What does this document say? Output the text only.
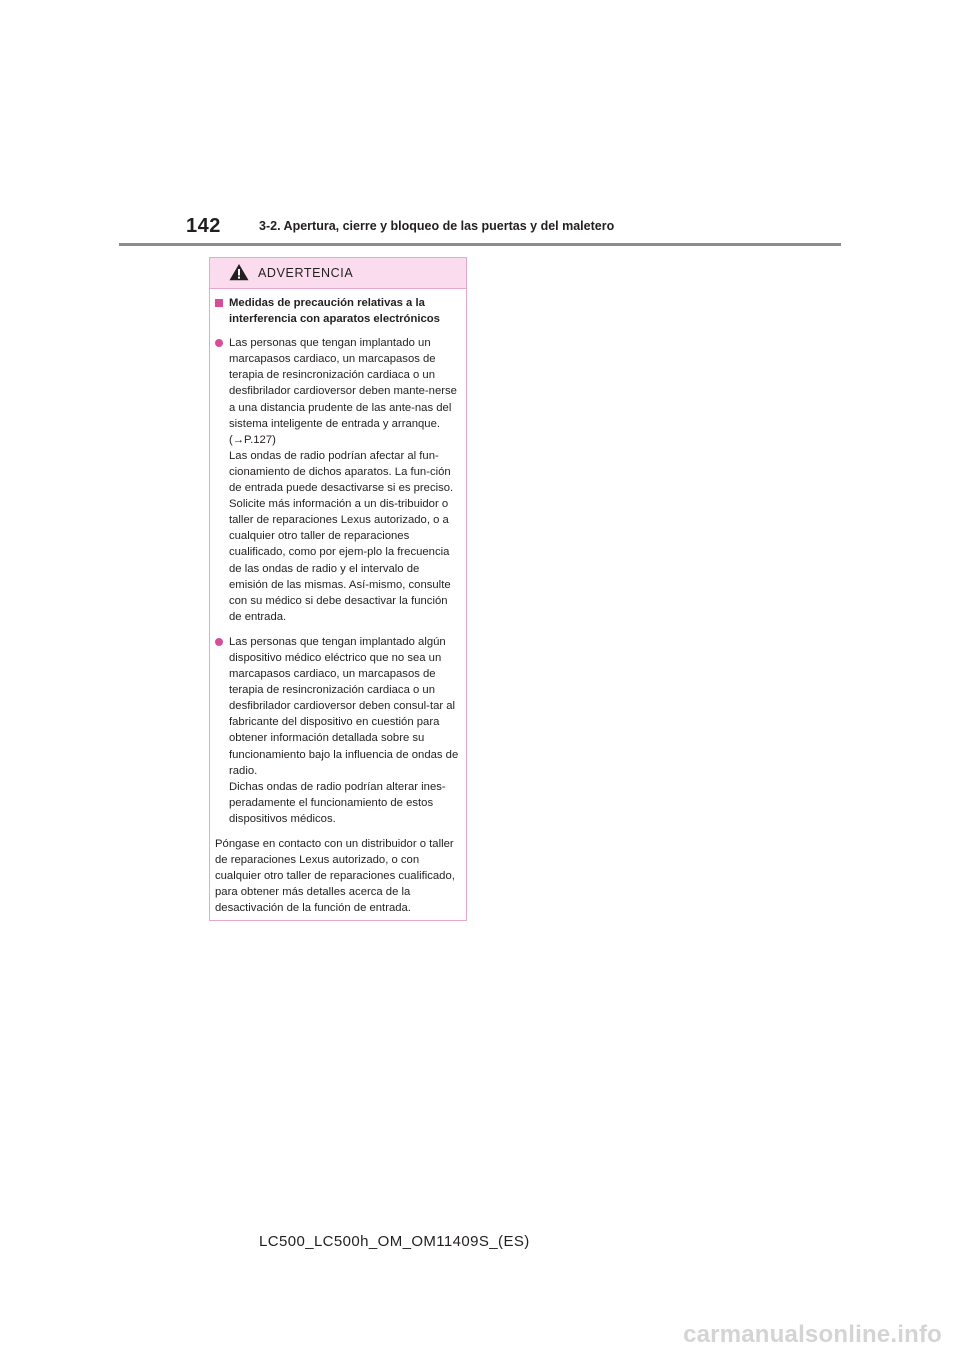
142	3-2. Apertura, cierre y bloqueo de las puertas y del maletero
ADVERTENCIA
Medidas de precaución relativas a la interferencia con aparatos electrónicos

Las personas que tengan implantado un marcapasos cardiaco, un marcapasos de terapia de resincronización cardiaca o un desfibrilador cardioversor deben mante-nerse a una distancia prudente de las ante-nas del sistema inteligente de entrada y arranque. (→P.127)

Las ondas de radio podrían afectar al fun-cionamiento de dichos aparatos. La fun-ción de entrada puede desactivarse si es preciso. Solicite más información a un dis-tribuidor o taller de reparaciones Lexus autorizado, o a cualquier otro taller de reparaciones cualificado, como por ejem-plo la frecuencia de las ondas de radio y el intervalo de emisión de las mismas. Así-mismo, consulte con su médico si debe desactivar la función de entrada.

Las personas que tengan implantado algún dispositivo médico eléctrico que no sea un marcapasos cardiaco, un marcapasos de terapia de resincronización cardiaca o un desfibrilador cardioversor deben consul-tar al fabricante del dispositivo en cuestión para obtener información detallada sobre su funcionamiento bajo la influencia de ondas de radio.

Dichas ondas de radio podrían alterar ines-peradamente el funcionamiento de estos dispositivos médicos.

Póngase en contacto con un distribuidor o taller de reparaciones Lexus autorizado, o con cualquier otro taller de reparaciones cualificado, para obtener más detalles acerca de la desactivación de la función de entrada.

LC500_LC500h_OM_OM11409S_(ES)
carmanualsonline.info
